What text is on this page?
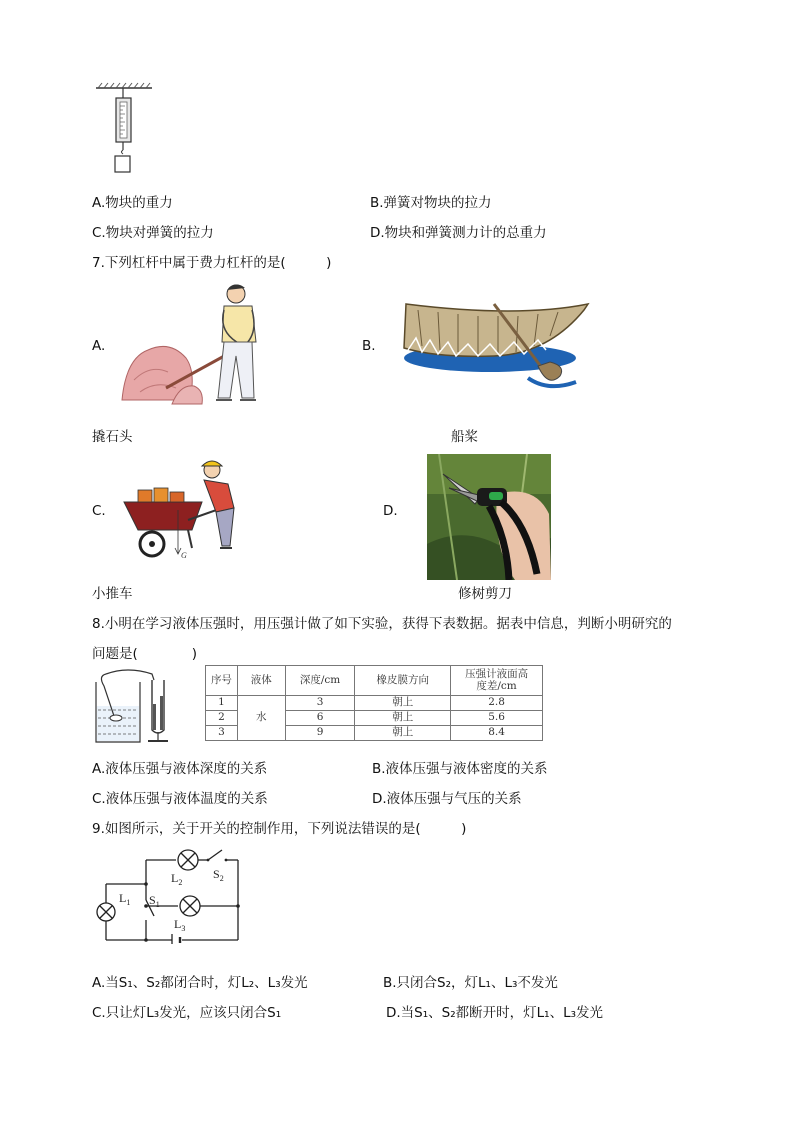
A.物块的重力	B.弹簧对物块的拉力
C.物块对弹簧的拉力	D.物块和弹簧测力计的总重力
7.下列杠杆中属于费力杠杆的是(　　　)
A.	B.
撬石头	船桨
C.
G
D.
小推车	修树剪刀
8.小明在学习液体压强时，用压强计做了如下实验，获得下表数据。据表中信息，判断小明研究的
问题是(　　　　)
序号	液体	深度/cm	橡皮膜方向	压强计液面高度差/cm
1	水	3	朝上	2.8
2		6	朝上	5.6
3		9	朝上	8.4
A.液体压强与液体深度的关系	B.液体压强与液体密度的关系
C.液体压强与液体温度的关系	D.液体压强与气压的关系
9.如图所示，关于开关的控制作用，下列说法错误的是(　　　)
$L_1$
$L_2$
$S_2$
$S_1$
$L_3$
A.当S₁、S₂都闭合时，灯L₂、L₃发光	B.只闭合S₂，灯L₁、L₃不发光
C.只让灯L₃发光，应该只闭合S₁	D.当S₁、S₂都断开时，灯L₁、L₃发光
